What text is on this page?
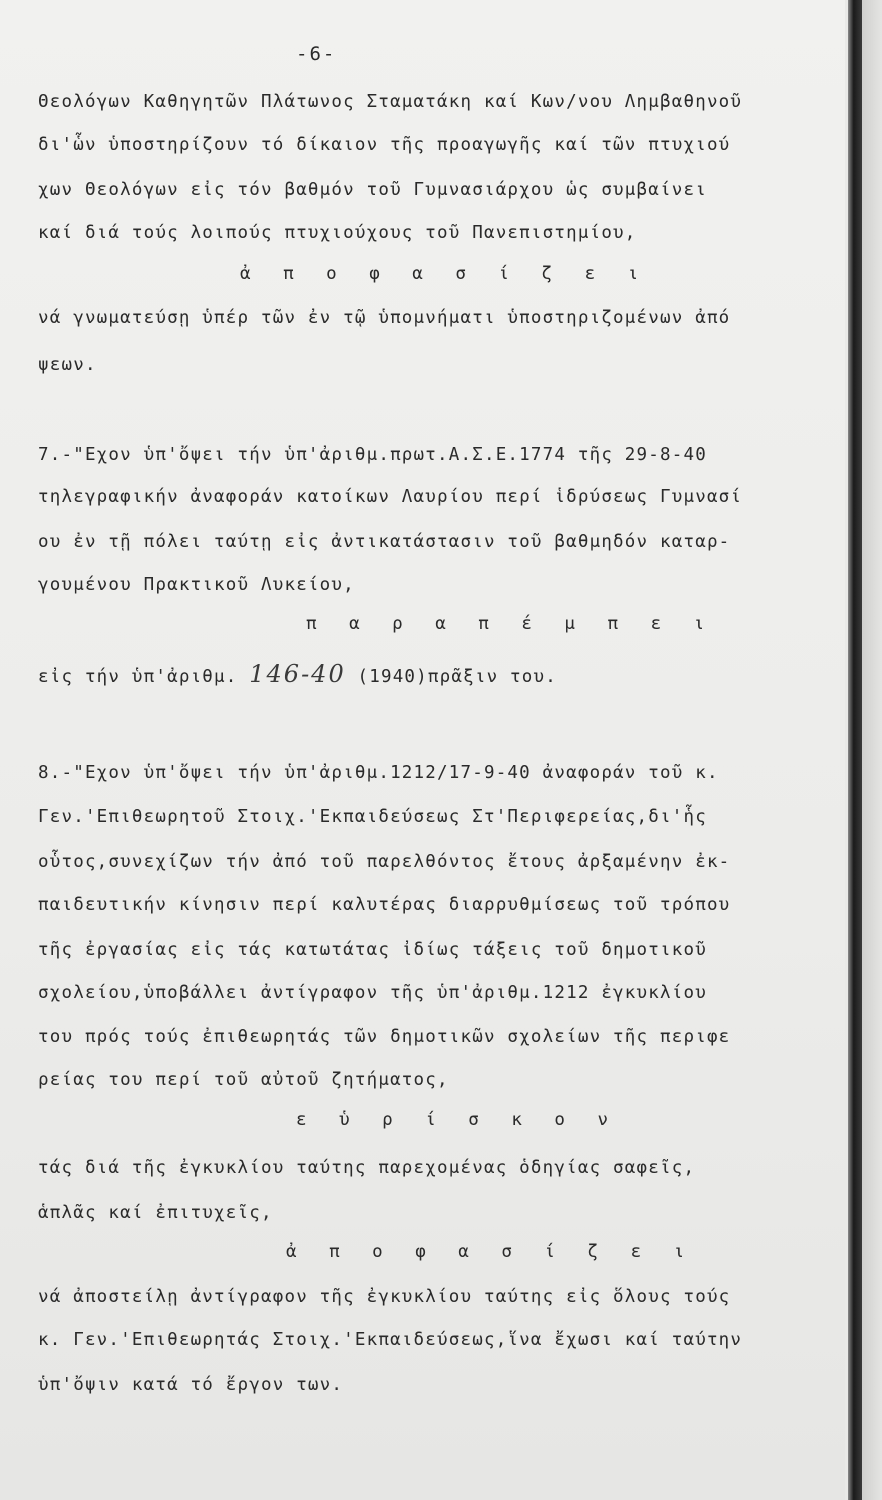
-6-

Θεολόγων Καθηγητῶν Πλάτωνος Σταματάκη καί Κων/νου Λημβαθηνοῦ

δι'ὧν ὑποστηρίζουν τό δίκαιον τῆς προαγωγῆς καί τῶν πτυχιού

χων Θεολόγων εἰς τόν βαθμόν τοῦ Γυμνασιάρχου ὡς συμβαίνει

καί διά τούς λοιπούς πτυχιούχους τοῦ Πανεπιστημίου,

ἀ π ο φ α σ ί ζ ε ι

νά γνωματεύσῃ ὑπέρ τῶν ἐν τῷ ὑπομνήματι ὑποστηριζομένων ἀπό

ψεων.

7.-"Εχον ὑπ'ὄψει τήν ὑπ'ἀριθμ.πρωτ.Α.Σ.Ε.1774 τῆς 29-8-40

τηλεγραφικήν ἀναφοράν κατοίκων Λαυρίου περί ἱδρύσεως Γυμνασί

ου ἐν τῇ πόλει ταύτῃ εἰς ἀντικατάστασιν τοῦ βαθμηδόν καταρ-

γουμένου Πρακτικοῦ Λυκείου,

π α ρ α π έ μ π ε ι

εἰς τήν ὑπ'ἀριθμ. 146-40 (1940)πρᾶξιν του.

8.-"Εχον ὑπ'ὄψει τήν ὑπ'ἀριθμ.1212/17-9-40 ἀναφοράν τοῦ κ.

Γεν.'Επιθεωρητοῦ Στοιχ.'Εκπαιδεύσεως Στ'Περιφερείας,δι'ἧς

οὗτος,συνεχίζων τήν ἀπό τοῦ παρελθόντος ἔτους ἀρξαμένην ἐκ-

παιδευτικήν κίνησιν περί καλυτέρας διαρρυθμίσεως τοῦ τρόπου

τῆς ἐργασίας εἰς τάς κατωτάτας ἰδίως τάξεις τοῦ δημοτικοῦ

σχολείου,ὑποβάλλει ἀντίγραφον τῆς ὑπ'ἀριθμ.1212 ἐγκυκλίου

του πρός τούς ἐπιθεωρητάς τῶν δημοτικῶν σχολείων τῆς περιφε

ρείας του περί τοῦ αὐτοῦ ζητήματος,

ε ὑ ρ ί σ κ ο ν

τάς διά τῆς ἐγκυκλίου ταύτης παρεχομένας ὁδηγίας σαφεῖς,

ἁπλᾶς καί ἐπιτυχεῖς,

ἀ π ο φ α σ ί ζ ε ι

νά ἀποστείλῃ ἀντίγραφον τῆς ἐγκυκλίου ταύτης εἰς ὅλους τούς

κ. Γεν.'Επιθεωρητάς Στοιχ.'Εκπαιδεύσεως,ἵνα ἔχωσι καί ταύτην

ὑπ'ὄψιν κατά τό ἔργον των.
